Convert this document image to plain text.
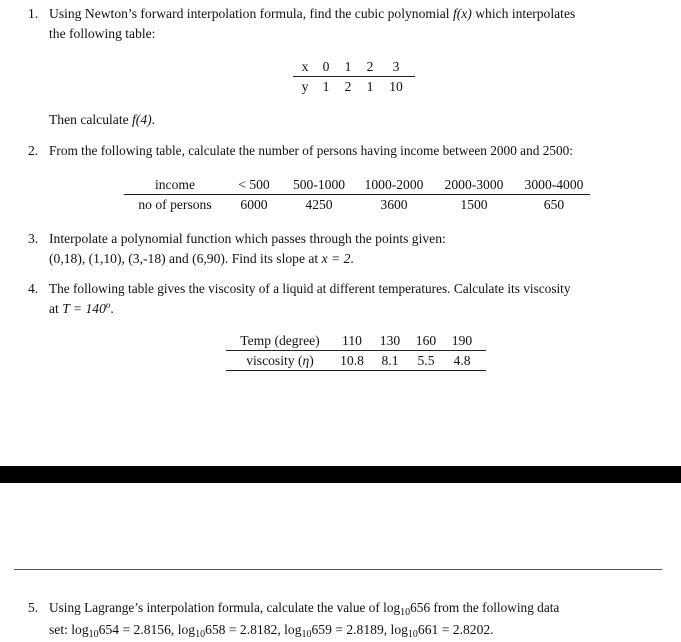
1. Using Newton’s forward interpolation formula, find the cubic polynomial f(x) which interpolates
the following table:
x	0	1	2	3
y	1	2	1	10
Then calculate f(4).
2. From the following table, calculate the number of persons having income between 2000 and 2500:
income	< 500	500-1000	1000-2000	2000-3000	3000-4000
no of persons	6000	4250	3600	1500	650
3. Interpolate a polynomial function which passes through the points given:
(0,18), (1,10), (3,-18) and (6,90). Find its slope at x = 2.
4. The following table gives the viscosity of a liquid at different temperatures. Calculate its viscosity
at $T = 140^o$.
Temp (degree)	110	130	160	190
viscosity (η)	10.8	8.1	5.5	4.8
5. Using Lagrange’s interpolation formula, calculate the value of $\log_{10}656$ from the following data
set: $\log_{10}654 = 2.8156$, $\log_{10}658 = 2.8182$, $\log_{10}659 = 2.8189$, $\log_{10}661 = 2.8202$.
